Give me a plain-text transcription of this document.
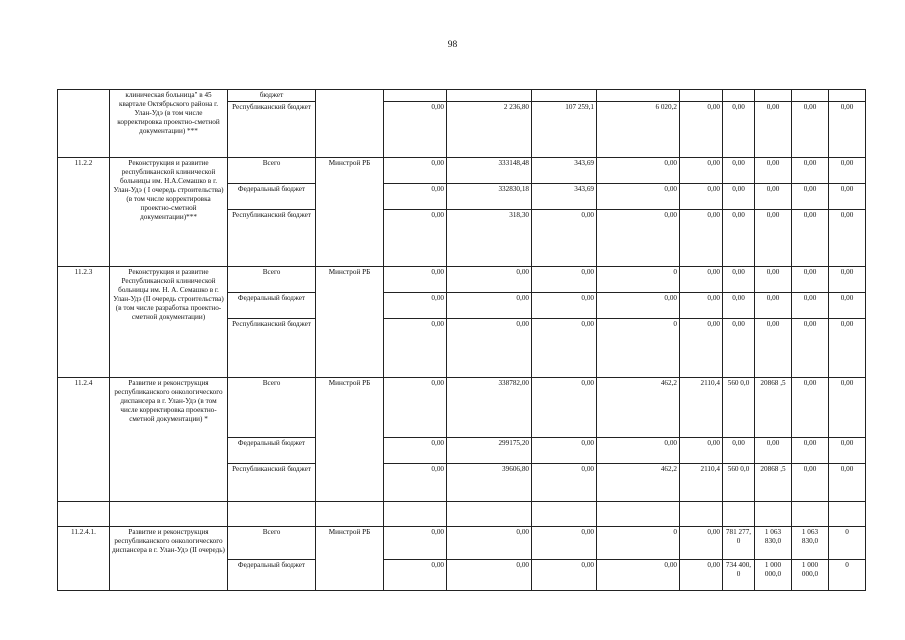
98
	клиническая больница" в 45 квартале Октябрьского района г. Улан-Удэ (в том числе корректировка проектно-сметной документации) ***	бюджет										
		Республиканский бюджет		0,00	2 236,80	107 259,1	6 020,2	0,00	0,00	0,00	0,00	0,00
11.2.2	Реконструкция и развитие республиканской клинической больницы им. Н.А.Семашко в г. Улан-Удэ ( I очередь строительства)(в том числе корректировка проектно-сметной документации)***	Всего	Минстрой РБ	0,00	333148,48	343,69	0,00	0,00	0,00	0,00	0,00	0,00
		Федеральный бюджет		0,00	332830,18	343,69	0,00	0,00	0,00	0,00	0,00	0,00
		Республиканский бюджет		0,00	318,30	0,00	0,00	0,00	0,00	0,00	0,00	0,00
11.2.3	Реконструкция и развитие Республиканской клинической больницы им. Н. А. Семашко в г. Улан-Удэ (II очередь строительства) (в том числе разработка проектно-сметной документации)	Всего	Минстрой РБ	0,00	0,00	0,00	0	0,00	0,00	0,00	0,00	0,00
		Федеральный бюджет		0,00	0,00	0,00	0,00	0,00	0,00	0,00	0,00	0,00
		Республиканский бюджет		0,00	0,00	0,00	0	0,00	0,00	0,00	0,00	0,00
11.2.4	Развитие и реконструкция республиканского онкологического диспансера в г. Улан-Удэ (в том числе корректировка проектно-сметной документации) *	Всего	Минстрой РБ	0,00	338782,00	0,00	462,2	2110,4	560 0,0	20868 ,5	0,00	0,00
		Федеральный бюджет		0,00	299175,20	0,00	0,00	0,00	0,00	0,00	0,00	0,00
		Республиканский бюджет		0,00	39606,80	0,00	462,2	2110,4	560 0,0	20868 ,5	0,00	0,00

11.2.4.1.	Развитие и реконструкция республиканского онкологического диспансера в г. Улан-Удэ (II очередь)	Всего	Минстрой РБ	0,00	0,00	0,00	0	0,00	781 277, 0	1 063 830,0	1 063 830,0	0
		Федеральный бюджет		0,00	0,00	0,00	0,00	0,00	734 400, 0	1 000 000,0	1 000 000,0	0
